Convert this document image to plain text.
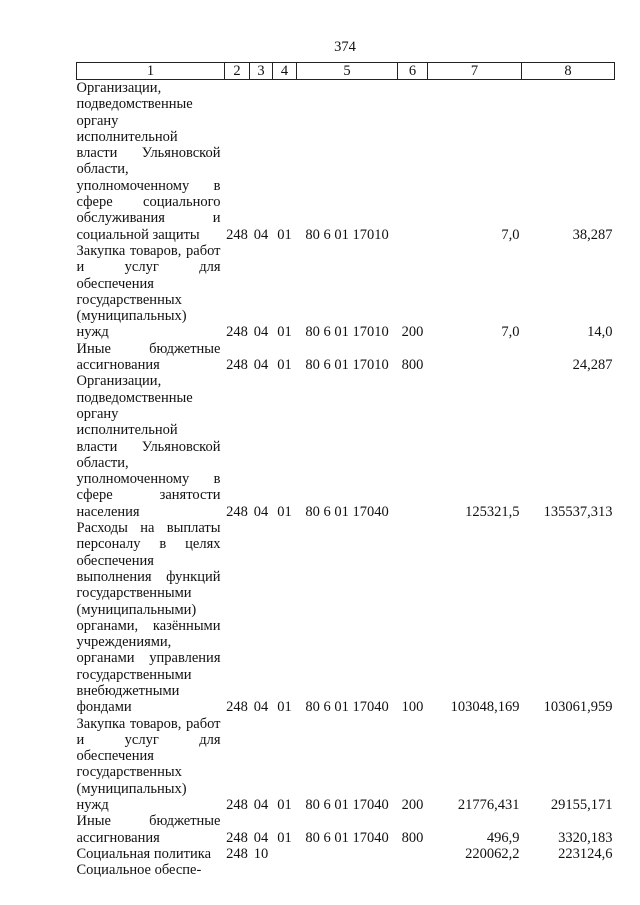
374
1	2	3	4	5	6	7	8
Организации, подведомственные органу исполнительной власти Ульяновской области, уполномоченному в сфере социального обслуживания и социальной защиты	248	04	01	80 6 01 17010		7,0	38,287
Закупка товаров, работ и услуг для обеспечения государственных (муниципальных) нужд	248	04	01	80 6 01 17010	200	7,0	14,0
Иные бюджетные ассигнования	248	04	01	80 6 01 17010	800		24,287
Организации, подведомственные органу исполнительной власти Ульяновской области, уполномоченному в сфере занятости населения	248	04	01	80 6 01 17040		125321,5	135537,313
Расходы на выплаты персоналу в целях обеспечения выполнения функций государственными (муниципальными) органами, казёнными учреждениями, органами управления государственными внебюджетными фондами	248	04	01	80 6 01 17040	100	103048,169	103061,959
Закупка товаров, работ и услуг для обеспечения государственных (муниципальных) нужд	248	04	01	80 6 01 17040	200	21776,431	29155,171
Иные бюджетные ассигнования	248	04	01	80 6 01 17040	800	496,9	3320,183
Социальная политика	248	10				220062,2	223124,6
Социальное обеспе-							
